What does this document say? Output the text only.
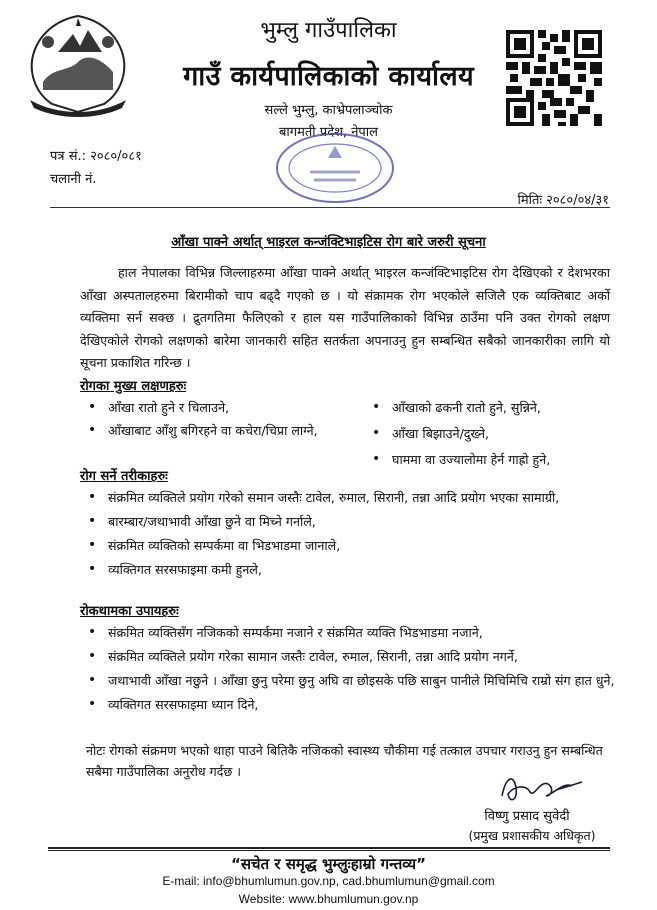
भुम्लु गाउँपालिका
गाउँ कार्यपालिकाको कार्यालय
सल्ले भुम्लु, काभ्रेपलाञ्चोक
बागमती प्रदेश, नेपाल
पत्र सं.: २०८०/०८१
चलानी नं.
मितिः २०८०/०४/३१
आँखा पाक्ने अर्थात् भाइरल कन्जंक्टिभाइटिस रोग बारे जरुरी सूचना
हाल नेपालका विभिन्न जिल्लाहरुमा आँखा पाक्ने अर्थात् भाइरल कन्जंक्टिभाइटिस रोग देखिएको र देशभरका आँखा अस्पतालहरुमा बिरामीको चाप बढ्दै गएको छ । यो संक्रामक रोग भएकोले सजिलै एक व्यक्तिबाट अर्को व्यक्तिमा सर्न सक्छ । द्रुतगतिमा फैलिएको र हाल यस गाउँपालिकाको विभिन्न ठाउँमा पनि उक्त रोगको लक्षण देखिएकोले रोगको लक्षणको बारेमा जानकारी सहित सतर्कता अपनाउनु हुन सम्बन्धित सबैको जानकारीका लागि यो सूचना प्रकाशित गरिन्छ ।
रोगका मुख्य लक्षणहरुः
• आँखा रातो हुने र चिलाउने,
• आँखाबाट आँशु बगिरहने वा कचेरा/चिप्रा लाग्ने,
• आँखाको ढकनी रातो हुने, सुन्निने,
• आँखा बिझाउने/दुख्ने,
• घाममा वा उज्यालोमा हेर्न गाह्रो हुने,
रोग सर्ने तरीकाहरुः
• संक्रमित व्यक्तिले प्रयोग गरेको समान जस्तैः टावेल, रुमाल, सिरानी, तन्ना आदि प्रयोग भएका सामाग्री,
• बारम्बार/जथाभावी आँखा छुने वा मिच्ने गर्नाले,
• संक्रमित व्यक्तिको सम्पर्कमा वा भिडभाडमा जानाले,
• व्यक्तिगत सरसफाइमा कमी हुनले,
रोकथामका उपायहरुः
• संक्रमित व्यक्तिसँग नजिकको सम्पर्कमा नजाने र संक्रमित व्यक्ति भिडभाडमा नजाने,
• संक्रमित व्यक्तिले प्रयोग गरेका सामान जस्तैः टावेल, रुमाल, सिरानी, तन्ना आदि प्रयोग नगर्ने,
• जथाभावी आँखा नछुने । आँखा छुनु परेमा छुनु अघि वा छोइसके पछि साबुन पानीले मिचिमिचि राम्रो संग हात धुने,
• व्यक्तिगत सरसफाइमा ध्यान दिने,
नोटः रोगको संक्रमण भएको थाहा पाउने बितिकै नजिकको स्वास्थ्य चौकीमा गई तत्काल उपचार गराउनु हुन सम्बन्धित सबैमा गाउँपालिका अनुरोध गर्दछ ।
विष्णु प्रसाद सुवेदी
(प्रमुख प्रशासकीय अधिकृत)
“सचेत र समृद्ध भुम्लुःहाम्रो गन्तव्य”
E-mail: info@bhumlumun.gov.np, cad.bhumlumun@gmail.com
Website: www.bhumlumun.gov.np
